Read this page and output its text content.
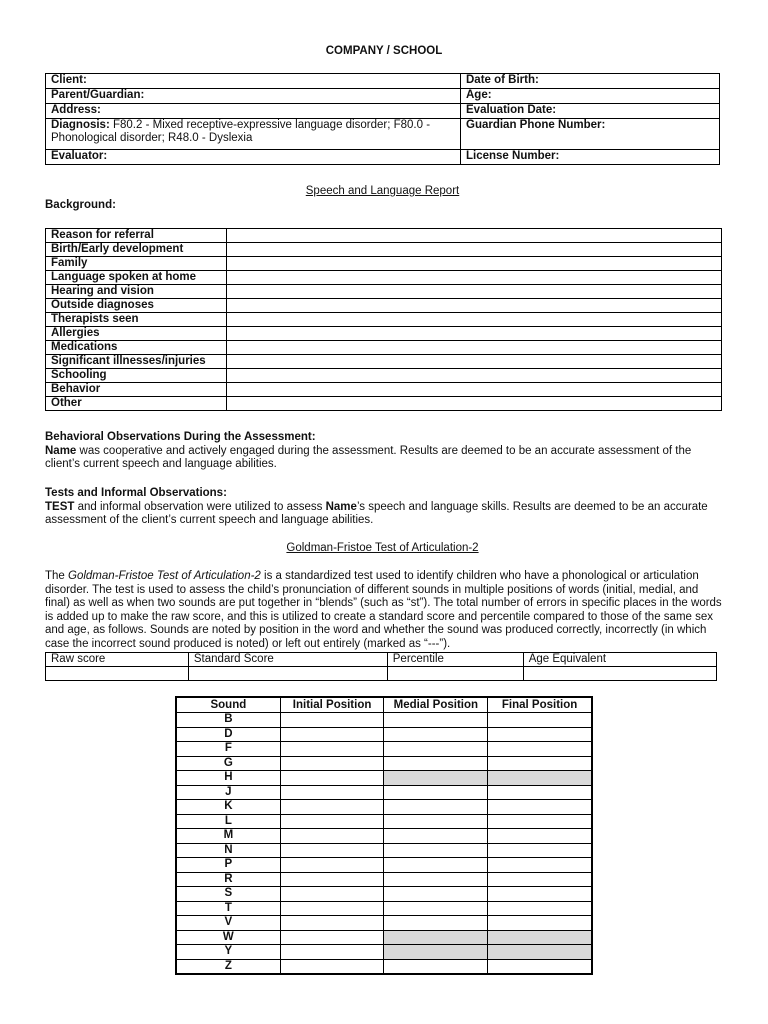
COMPANY / SCHOOL
Client:	Date of Birth:
Parent/Guardian:	Age:
Address:	Evaluation Date:
Diagnosis: F80.2 - Mixed receptive-expressive language disorder; F80.0 - Phonological disorder; R48.0 - Dyslexia	Guardian Phone Number:
Evaluator:	License Number:
Speech and Language Report
Background:
Reason for referral	
Birth/Early development	
Family	
Language spoken at home	
Hearing and vision	
Outside diagnoses	
Therapists seen	
Allergies	
Medications	
Significant illnesses/injuries	
Schooling	
Behavior	
Other	

Behavioral Observations During the Assessment:

Name was cooperative and actively engaged during the assessment. Results are deemed to be an accurate assessment of the client’s current speech and language abilities.

Tests and Informal Observations:

TEST and informal observation were utilized to assess Name’s speech and language skills. Results are deemed to be an accurate assessment of the client’s current speech and language abilities.

Goldman-Fristoe Test of Articulation-2

The Goldman-Fristoe Test of Articulation-2 is a standardized test used to identify children who have a phonological or articulation disorder. The test is used to assess the child’s pronunciation of different sounds in multiple positions of words (initial, medial, and final) as well as when two sounds are put together in “blends” (such as “st”). The total number of errors in specific places in the words is added up to make the raw score, and this is utilized to create a standard score and percentile compared to those of the same sex and age, as follows. Sounds are noted by position in the word and whether the sound was produced correctly, incorrectly (in which case the incorrect sound produced is noted) or left out entirely (marked as “---”).

Raw score	Standard Score	Percentile	Age Equivalent

Sound	Initial Position	Medial Position	Final Position
B			
D			
F			
G			
H			
J			
K			
L			
M			
N			
P			
R			
S			
T			
V			
W			
Y			
Z			
